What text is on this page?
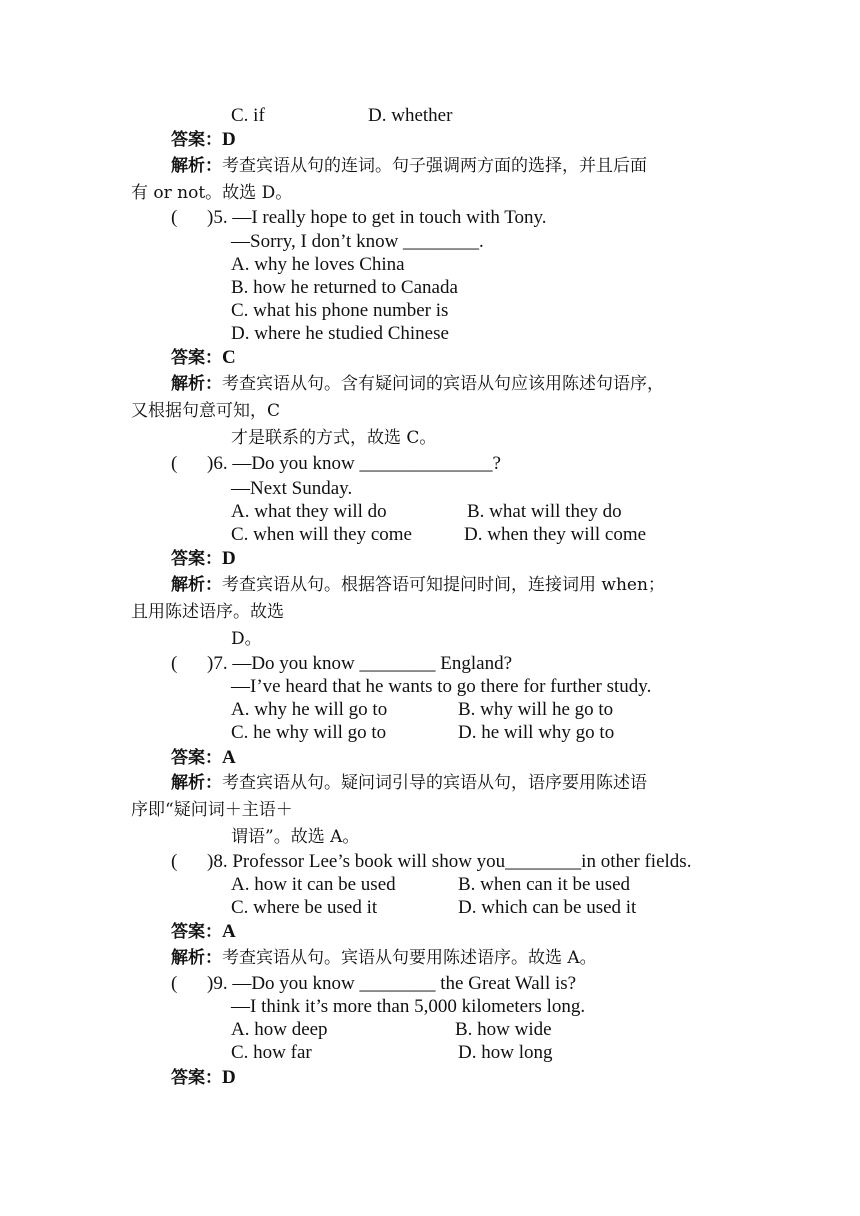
C. if	D. whether
答案：D
解析：考查宾语从句的连词。句子强调两方面的选择，并且后面
有 or not。故选 D。
( )5. —I really hope to get in touch with Tony.
—Sorry, I don’t know ________.
A. why he loves China
B. how he returned to Canada
C. what his phone number is
D. where he studied Chinese
答案：C
解析：考查宾语从句。含有疑问词的宾语从句应该用陈述句语序，
又根据句意可知，C
才是联系的方式，故选 C。
( )6. —Do you know ______________?
—Next Sunday.
A. what they will do	B. what will they do
C. when will they come	D. when they will come
答案：D
解析：考查宾语从句。根据答语可知提问时间，连接词用 when；
且用陈述语序。故选
D。
( )7. —Do you know ________ England?
—I’ve heard that he wants to go there for further study.
A. why he will go to	B. why will he go to
C. he why will go to	D. he will why go to
答案：A
解析：考查宾语从句。疑问词引导的宾语从句，语序要用陈述语
序即“疑问词＋主语＋
谓语”。故选 A。
( )8. Professor Lee’s book will show you________in other fields.
A. how it can be used	B. when can it be used
C. where be used it	D. which can be used it
答案：A
解析：考查宾语从句。宾语从句要用陈述语序。故选 A。
( )9. —Do you know ________ the Great Wall is?
—I think it’s more than 5,000 kilometers long.
A. how deep	B. how wide
C. how far	D. how long
答案：D
